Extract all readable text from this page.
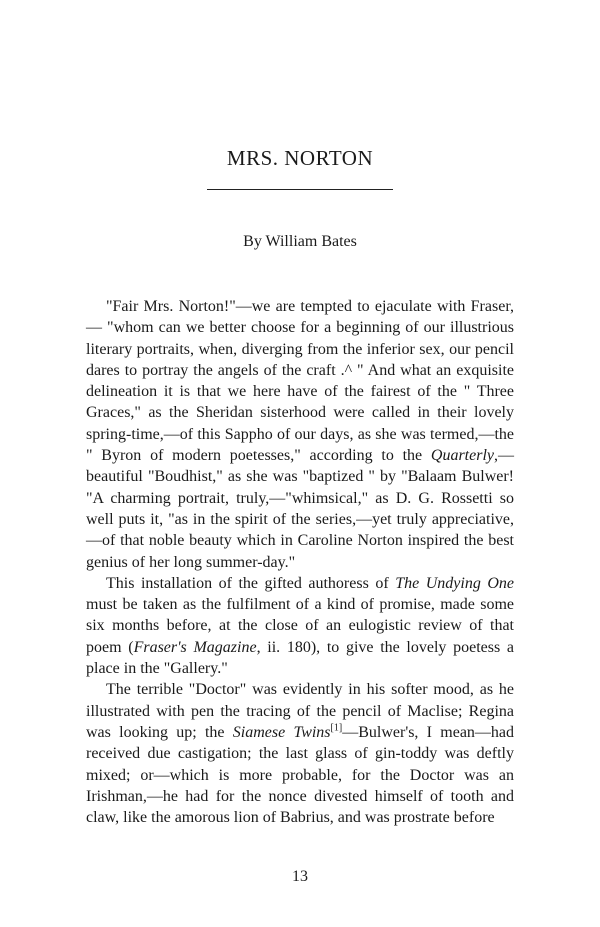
MRS. NORTON
By William Bates

"Fair Mrs. Norton!"—we are tempted to ejaculate with Fraser, — "whom can we better choose for a beginning of our illustrious literary portraits, when, diverging from the inferior sex, our pencil dares to portray the angels of the craft .^ " And what an exquisite delineation it is that we here have of the fairest of the " Three Graces," as the Sheridan sisterhood were called in their lovely spring-time,—of this Sappho of our days, as she was termed,—the " Byron of modern poetesses," according to the Quarterly,—beautiful "Boudhist," as she was "baptized " by "Balaam Bulwer! "A charming portrait, truly,—"whimsical," as D. G. Rossetti so well puts it, "as in the spirit of the series,—yet truly appreciative,—of that noble beauty which in Caroline Norton inspired the best genius of her long summer-day."

This installation of the gifted authoress of The Undying One must be taken as the fulfilment of a kind of promise, made some six months before, at the close of an eulogistic review of that poem (Fraser's Magazine, ii. 180), to give the lovely poetess a place in the "Gallery."

The terrible "Doctor" was evidently in his softer mood, as he illustrated with pen the tracing of the pencil of Maclise; Regina was looking up; the Siamese Twins[1]—Bulwer's, I mean—had received due castigation; the last glass of gin-toddy was deftly mixed; or—which is more probable, for the Doctor was an Irishman,—he had for the nonce divested himself of tooth and claw, like the amorous lion of Babrius, and was prostrate before

13
